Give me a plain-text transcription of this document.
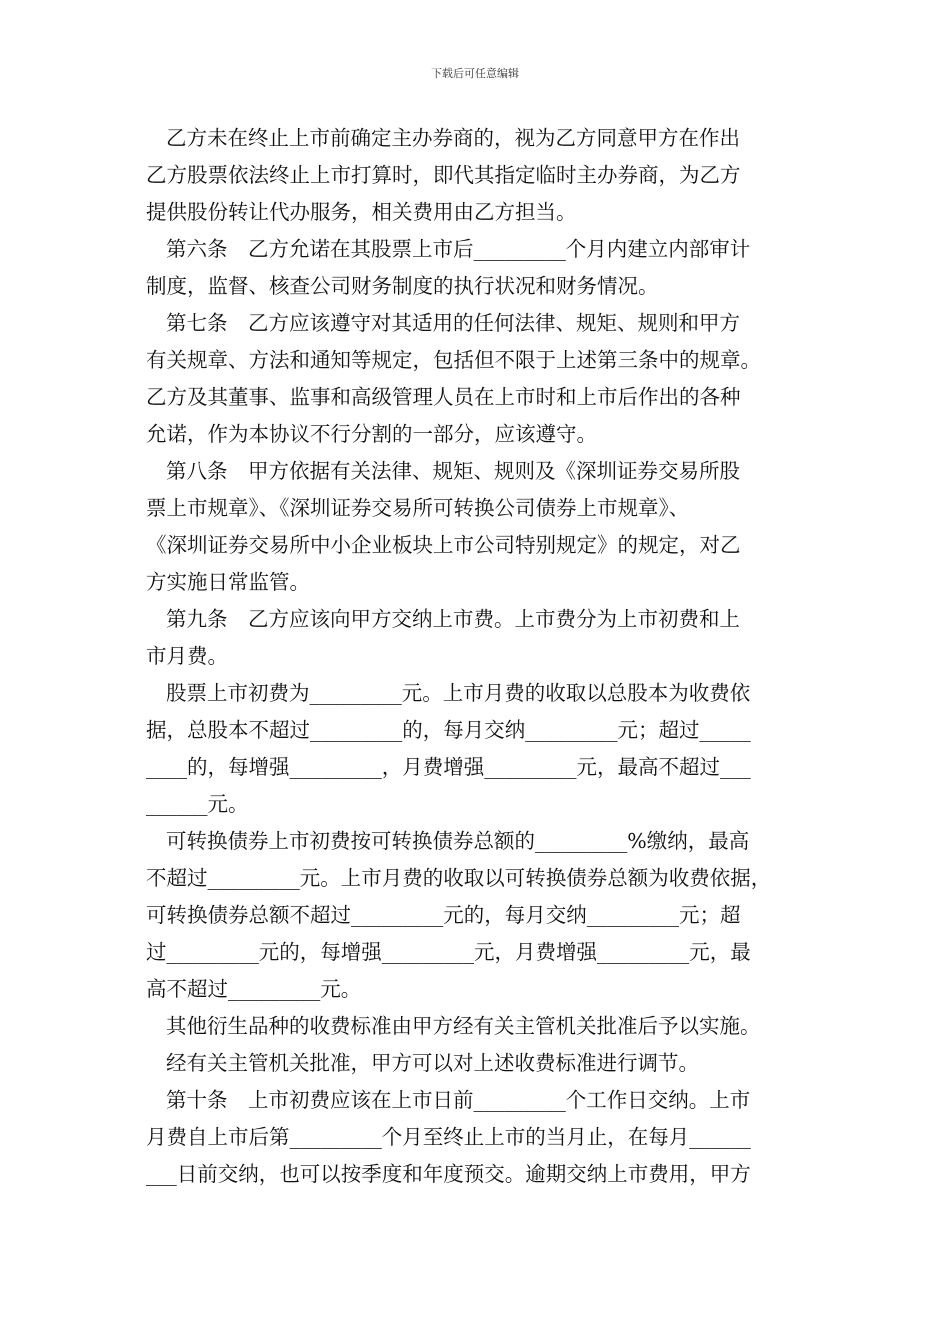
下载后可任意编辑
乙方未在终止上市前确定主办券商的，视为乙方同意甲方在作出
乙方股票依法终止上市打算时，即代其指定临时主办券商，为乙方
提供股份转让代办服务，相关费用由乙方担当。
第六条　乙方允诺在其股票上市后_________个月内建立内部审计
制度，监督、核查公司财务制度的执行状况和财务情况。
第七条　乙方应该遵守对其适用的任何法律、规矩、规则和甲方
有关规章、方法和通知等规定，包括但不限于上述第三条中的规章。
乙方及其董事、监事和高级管理人员在上市时和上市后作出的各种
允诺，作为本协议不行分割的一部分，应该遵守。
第八条　甲方依据有关法律、规矩、规则及《深圳证券交易所股
票上市规章》、《深圳证券交易所可转换公司债券上市规章》、
《深圳证券交易所中小企业板块上市公司特别规定》的规定，对乙
方实施日常监管。
第九条　乙方应该向甲方交纳上市费。上市费分为上市初费和上
市月费。
股票上市初费为_________元。上市月费的收取以总股本为收费依
据，总股本不超过_________的，每月交纳_________元；超过_____
____的，每增强_________，月费增强_________元，最高不超过___
______元。
可转换债券上市初费按可转换债券总额的_________%缴纳，最高
不超过_________元。上市月费的收取以可转换债券总额为收费依据，
可转换债券总额不超过_________元的，每月交纳_________元；超
过_________元的，每增强_________元，月费增强_________元，最
高不超过_________元。
其他衍生品种的收费标准由甲方经有关主管机关批准后予以实施。
经有关主管机关批准，甲方可以对上述收费标准进行调节。
第十条　上市初费应该在上市日前_________个工作日交纳。上市
月费自上市后第_________个月至终止上市的当月止，在每月______
___日前交纳，也可以按季度和年度预交。逾期交纳上市费用，甲方
